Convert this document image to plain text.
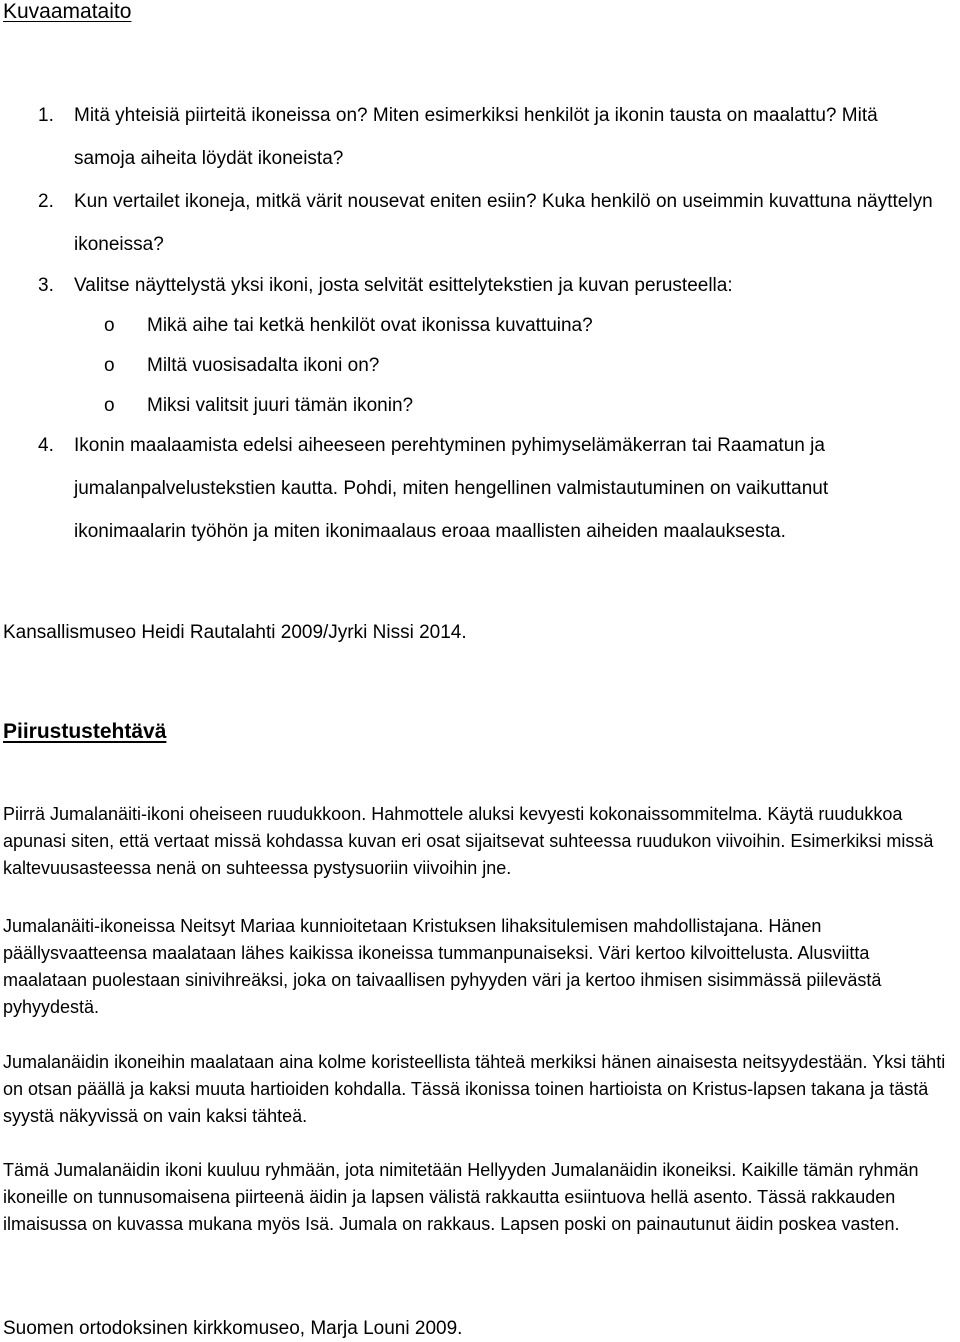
Kuvaamataito
1. Mitä yhteisiä piirteitä ikoneissa on? Miten esimerkiksi henkilöt ja ikonin tausta on maalattu? Mitä samoja aiheita löydät ikoneista?
2. Kun vertailet ikoneja, mitkä värit nousevat eniten esiin? Kuka henkilö on useimmin kuvattuna näyttelyn ikoneissa?
3. Valitse näyttelystä yksi ikoni, josta selvität esittelytekstien ja kuvan perusteella:
o Mikä aihe tai ketkä henkilöt ovat ikonissa kuvattuina?
o Miltä vuosisadalta ikoni on?
o Miksi valitsit juuri tämän ikonin?
4. Ikonin maalaamista edelsi aiheeseen perehtyminen pyhimyselämäkerran tai Raamatun ja jumalanpalvelustekstien kautta. Pohdi, miten hengellinen valmistautuminen on vaikuttanut ikonimaalarin työhön ja miten ikonimaalaus eroaa maallisten aiheiden maalauksesta.
Kansallismuseo Heidi Rautalahti 2009/Jyrki Nissi 2014.
Piirustustehtävä
Piirrä Jumalanäiti-ikoni oheiseen ruudukkoon. Hahmottele aluksi kevyesti kokonaissommitelma. Käytä ruudukkoa apunasi siten, että vertaat missä kohdassa kuvan eri osat sijaitsevat suhteessa ruudukon viivoihin. Esimerkiksi missä kaltevuusasteessa nenä on suhteessa pystysuoriin viivoihin jne.
Jumalanäiti-ikoneissa Neitsyt Mariaa kunnioitetaan Kristuksen lihaksitulemisen mahdollistajana. Hänen päällysvaatteensa maalataan lähes kaikissa ikoneissa tummanpunaiseksi. Väri kertoo kilvoittelusta. Alusviitta maalataan puolestaan sinivihreäksi, joka on taivaallisen pyhyyden väri ja kertoo ihmisen sisimmässä piilevästä pyhyydestä.
Jumalanäidin ikoneihin maalataan aina kolme koristeellista tähteä merkiksi hänen ainaisesta neitsyydestään. Yksi tähti on otsan päällä ja kaksi muuta hartioiden kohdalla. Tässä ikonissa toinen hartioista on Kristus-lapsen takana ja tästä syystä näkyvissä on vain kaksi tähteä.
Tämä Jumalanäidin ikoni kuuluu ryhmään, jota nimitetään Hellyyden Jumalanäidin ikoneiksi. Kaikille tämän ryhmän ikoneille on tunnusomaisena piirteenä äidin ja lapsen välistä rakkautta esiintuova hellä asento. Tässä rakkauden ilmaisussa on kuvassa mukana myös Isä. Jumala on rakkaus. Lapsen poski on painautunut äidin poskea vasten.
Suomen ortodoksinen kirkkomuseo, Marja Louni 2009.
